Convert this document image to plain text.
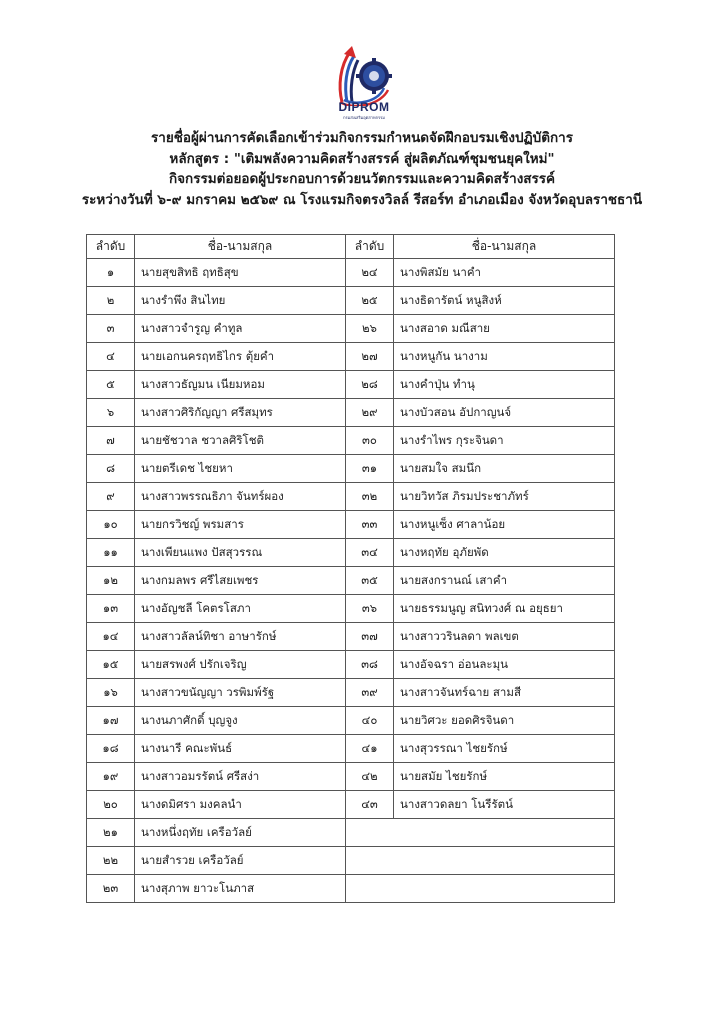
DIPROM
กรมส่งเสริมอุตสาหกรรม
รายชื่อผู้ผ่านการคัดเลือกเข้าร่วมกิจกรรมกำหนดจัดฝึกอบรมเชิงปฏิบัติการ
หลักสูตร : "เติมพลังความคิดสร้างสรรค์ สู่ผลิตภัณฑ์ชุมชนยุคใหม่"
กิจกรรมต่อยอดผู้ประกอบการด้วยนวัตกรรมและความคิดสร้างสรรค์
ระหว่างวันที่ ๖-๙ มกราคม ๒๕๖๙ ณ โรงแรมกิจตรงวิลล์ รีสอร์ท อำเภอเมือง จังหวัดอุบลราชธานี
ลำดับ	ชื่อ-นามสกุล	ลำดับ	ชื่อ-นามสกุล
๑	นายสุขสิทธิ ฤทธิสุข	๒๔	นางพิสมัย นาคำ
๒	นางรำพึง สินไทย	๒๕	นางธิดารัตน์ หนูสิงห์
๓	นางสาวจำรูญ คำทูล	๒๖	นางสอาด มณีสาย
๔	นายเอกนครฤทธิไกร ตุ้ยคำ	๒๗	นางหนูกัน นางาม
๕	นางสาวธัญมน เนียมหอม	๒๘	นางคำปุ่น ทำนุ
๖	นางสาวศิริกัญญา ศรีสมุทร	๒๙	นางบัวสอน อัปกาญนจ์
๗	นายชัชวาล ชวาลศิริโชติ	๓๐	นางรำไพร กุระจินดา
๘	นายตรีเดช ไชยหา	๓๑	นายสมใจ สมนึก
๙	นางสาวพรรณธิภา จันทร์ผอง	๓๒	นายวิทวัส ภิรมประชาภัทร์
๑๐	นายกรวิชญ์ พรมสาร	๓๓	นางหนูเซ็ง ศาลาน้อย
๑๑	นางเพียนแพง ปัสสุวรรณ	๓๔	นางหฤทัย อุภัยพัด
๑๒	นางกมลพร ศรีไสยเพชร	๓๕	นายสงกรานณ์ เสาคำ
๑๓	นางอัญชลี โคตรโสภา	๓๖	นายธรรมนูญ สนิทวงศ์ ณ อยุธยา
๑๔	นางสาวลัลน์ทิชา อาษารักษ์	๓๗	นางสาววรินลดา พลเขต
๑๕	นายสรพงศ์ ปรักเจริญ	๓๘	นางอัจฉรา อ่อนละมุน
๑๖	นางสาวขนัญญา วรพิมพ์รัฐ	๓๙	นางสาวจันทร์ฉาย สามสี
๑๗	นางนภาศักดิ์ บุญจูง	๔๐	นายวิศวะ ยอดศิรจินดา
๑๘	นางนารี คณะพันธ์	๔๑	นางสุวรรณา ไชยรักษ์
๑๙	นางสาวอมรรัตน์ ศรีสง่า	๔๒	นายสมัย ไชยรักษ์
๒๐	นางดมิศรา มงคลนำ	๔๓	นางสาวดลยา โนรีรัตน์
๒๑	นางหนึ่งฤทัย เครือวัลย์		
๒๒	นายสำรวย เครือวัลย์		
๒๓	นางสุภาพ ยาวะโนภาส		
